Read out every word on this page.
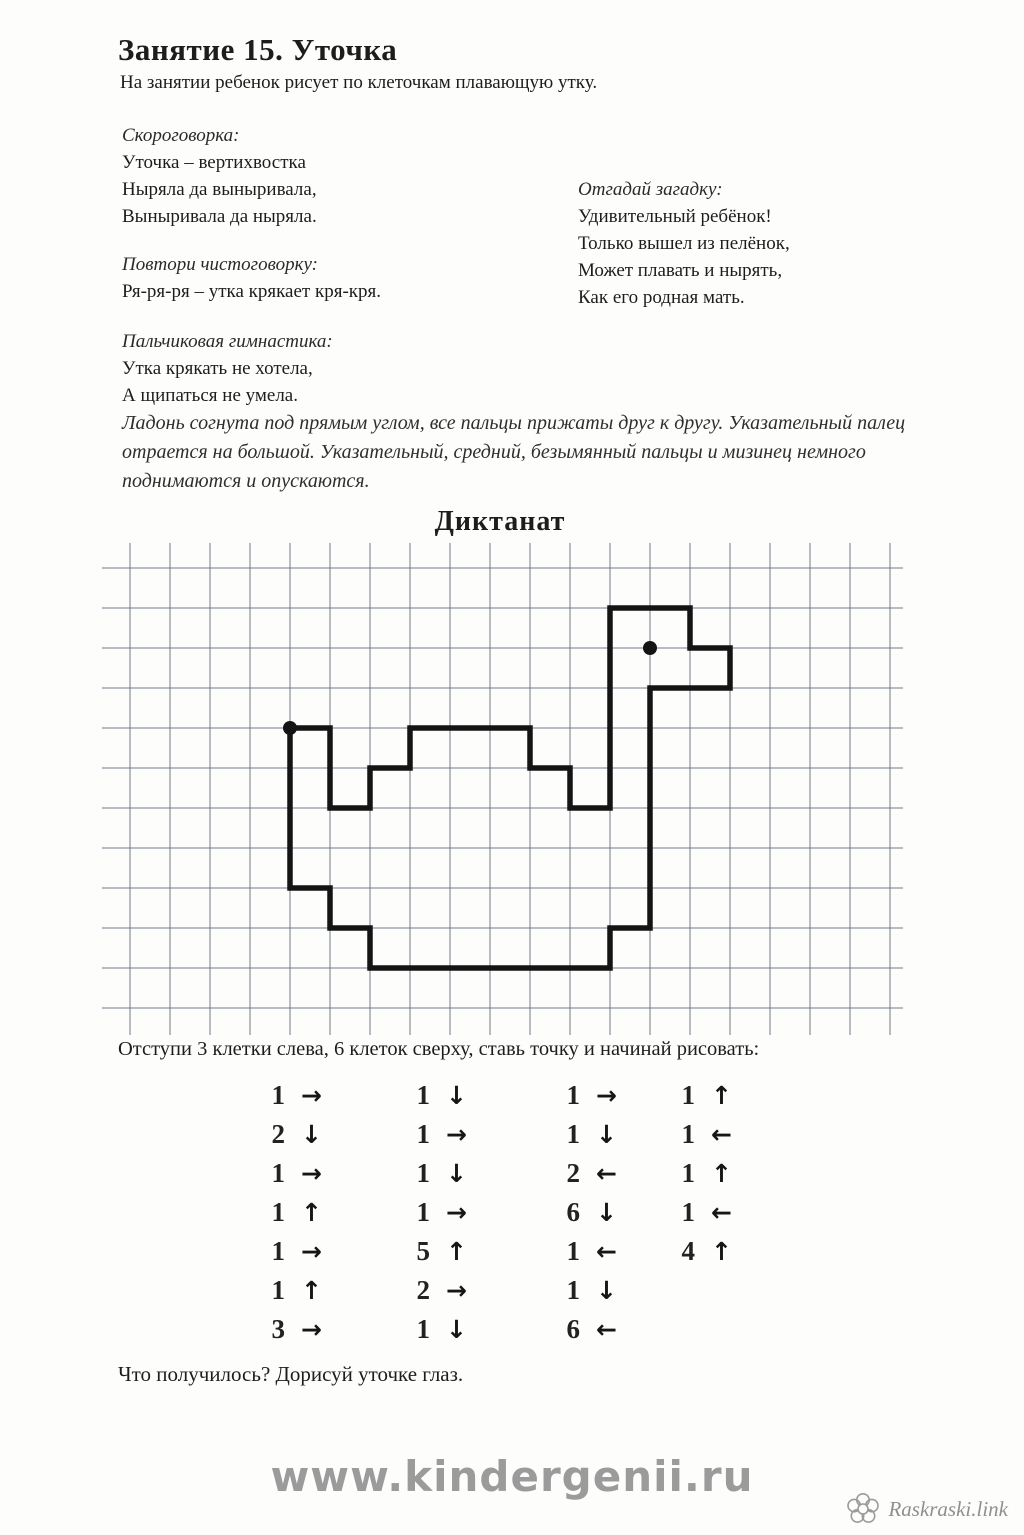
Занятие 15. Уточка
На занятии ребенок рисует по клеточкам плавающую утку.
Скороговорка:
Уточка – вертихвостка
Ныряла да выныривала,
Выныривала да ныряла.
Отгадай загадку:
Удивительный ребёнок!
Только вышел из пелёнок,
Может плавать и нырять,
Как его родная мать.
Повтори чистоговорку:
Ря-ря-ря – утка крякает кря-кря.
Пальчиковая гимнастика:
Утка крякать не хотела,
А щипаться не умела.
Ладонь согнута под прямым углом, все пальцы прижаты друг к другу. Указательный палец отрается на большой. Указательный, средний, безымянный пальцы и мизинец немного поднимаются и опускаются.
Диктанат
Отступи 3 клетки слева, 6 клеток сверху, ставь точку и начинай рисовать:
1 →
2 ↓
1 →
1 ↑
1 →
1 ↑
3 →
1 ↓
1 →
1 ↓
1 →
5 ↑
2 →
1 ↓
1 →
1 ↓
2 ←
6 ↓
1 ←
1 ↓
6 ←
1 ↑
1 ←
1 ↑
1 ←
4 ↑
Что получилось? Дорисуй уточке глаз.
www.kindergenii.ru
Raskraski.link
